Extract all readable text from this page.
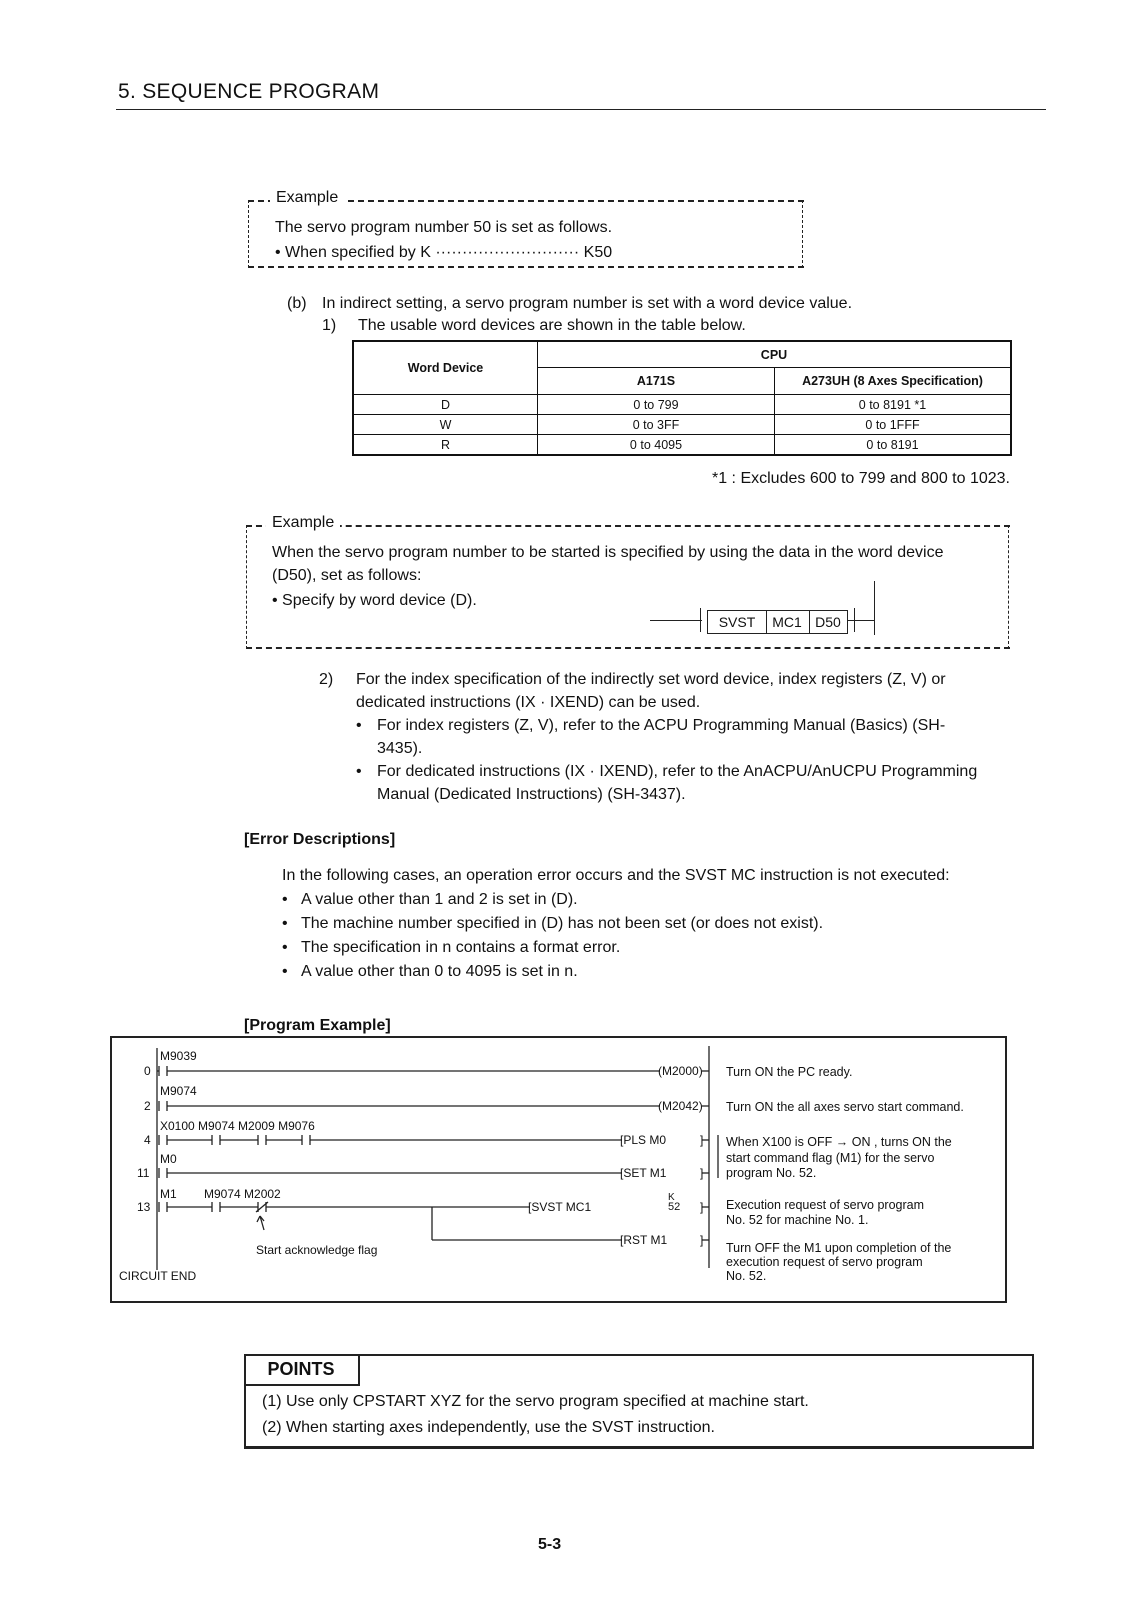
5. SEQUENCE PROGRAM
Example
The servo program number 50 is set as follows.
• When specified by K ··························· K50
(b) In indirect setting, a servo program number is set with a word device value.
1) The usable word devices are shown in the table below.
Word Device	CPU	
	A171S	A273UH (8 Axes Specification)
D	0 to 799	0 to 8191 *1
W	0 to 3FF	0 to 1FFF
R	0 to 4095	0 to 8191
*1 : Excludes 600 to 799 and 800 to 1023.
Example
When the servo program number to be started is specified by using the data in the word device
(D50), set as follows:
• Specify by word device (D).
SVST	MC1 D50
2) For the index specification of the indirectly set word device, index registers (Z, V) or
dedicated instructions (IX · IXEND) can be used.
• For index registers (Z, V), refer to the ACPU Programming Manual (Basics) (SH-
3435).
• For dedicated instructions (IX · IXEND), refer to the AnACPU/AnUCPU Programming
Manual (Dedicated Instructions) (SH-3437).
[Error Descriptions]
In the following cases, an operation error occurs and the SVST MC instruction is not executed:
• A value other than 1 and 2 is set in (D).
• The machine number specified in (D) has not been set (or does not exist).
• The specification in n contains a format error.
• A value other than 0 to 4095 is set in n.
[Program Example]
0
2
4
11
13
M9039
M9074
X0100 M9074 M2009 M9076
M0
M1 M9074 M2002
(M2000)
(M2042)
[PLS M0	]
[SET M1	]
[SVST MC1
K
52 ]
[RST M1	]
Start acknowledge flag
CIRCUIT END
Turn ON the PC ready.
Turn ON the all axes servo start command.
When X100 is OFF → ON , turns ON the
start command flag (M1) for the servo
program No. 52.
Execution request of servo program
No. 52 for machine No. 1.
Turn OFF the M1 upon completion of the
execution request of servo program
No. 52.
POINTS
(1) Use only CPSTART XYZ for the servo program specified at machine start.
(2) When starting axes independently, use the SVST instruction.
5-3
